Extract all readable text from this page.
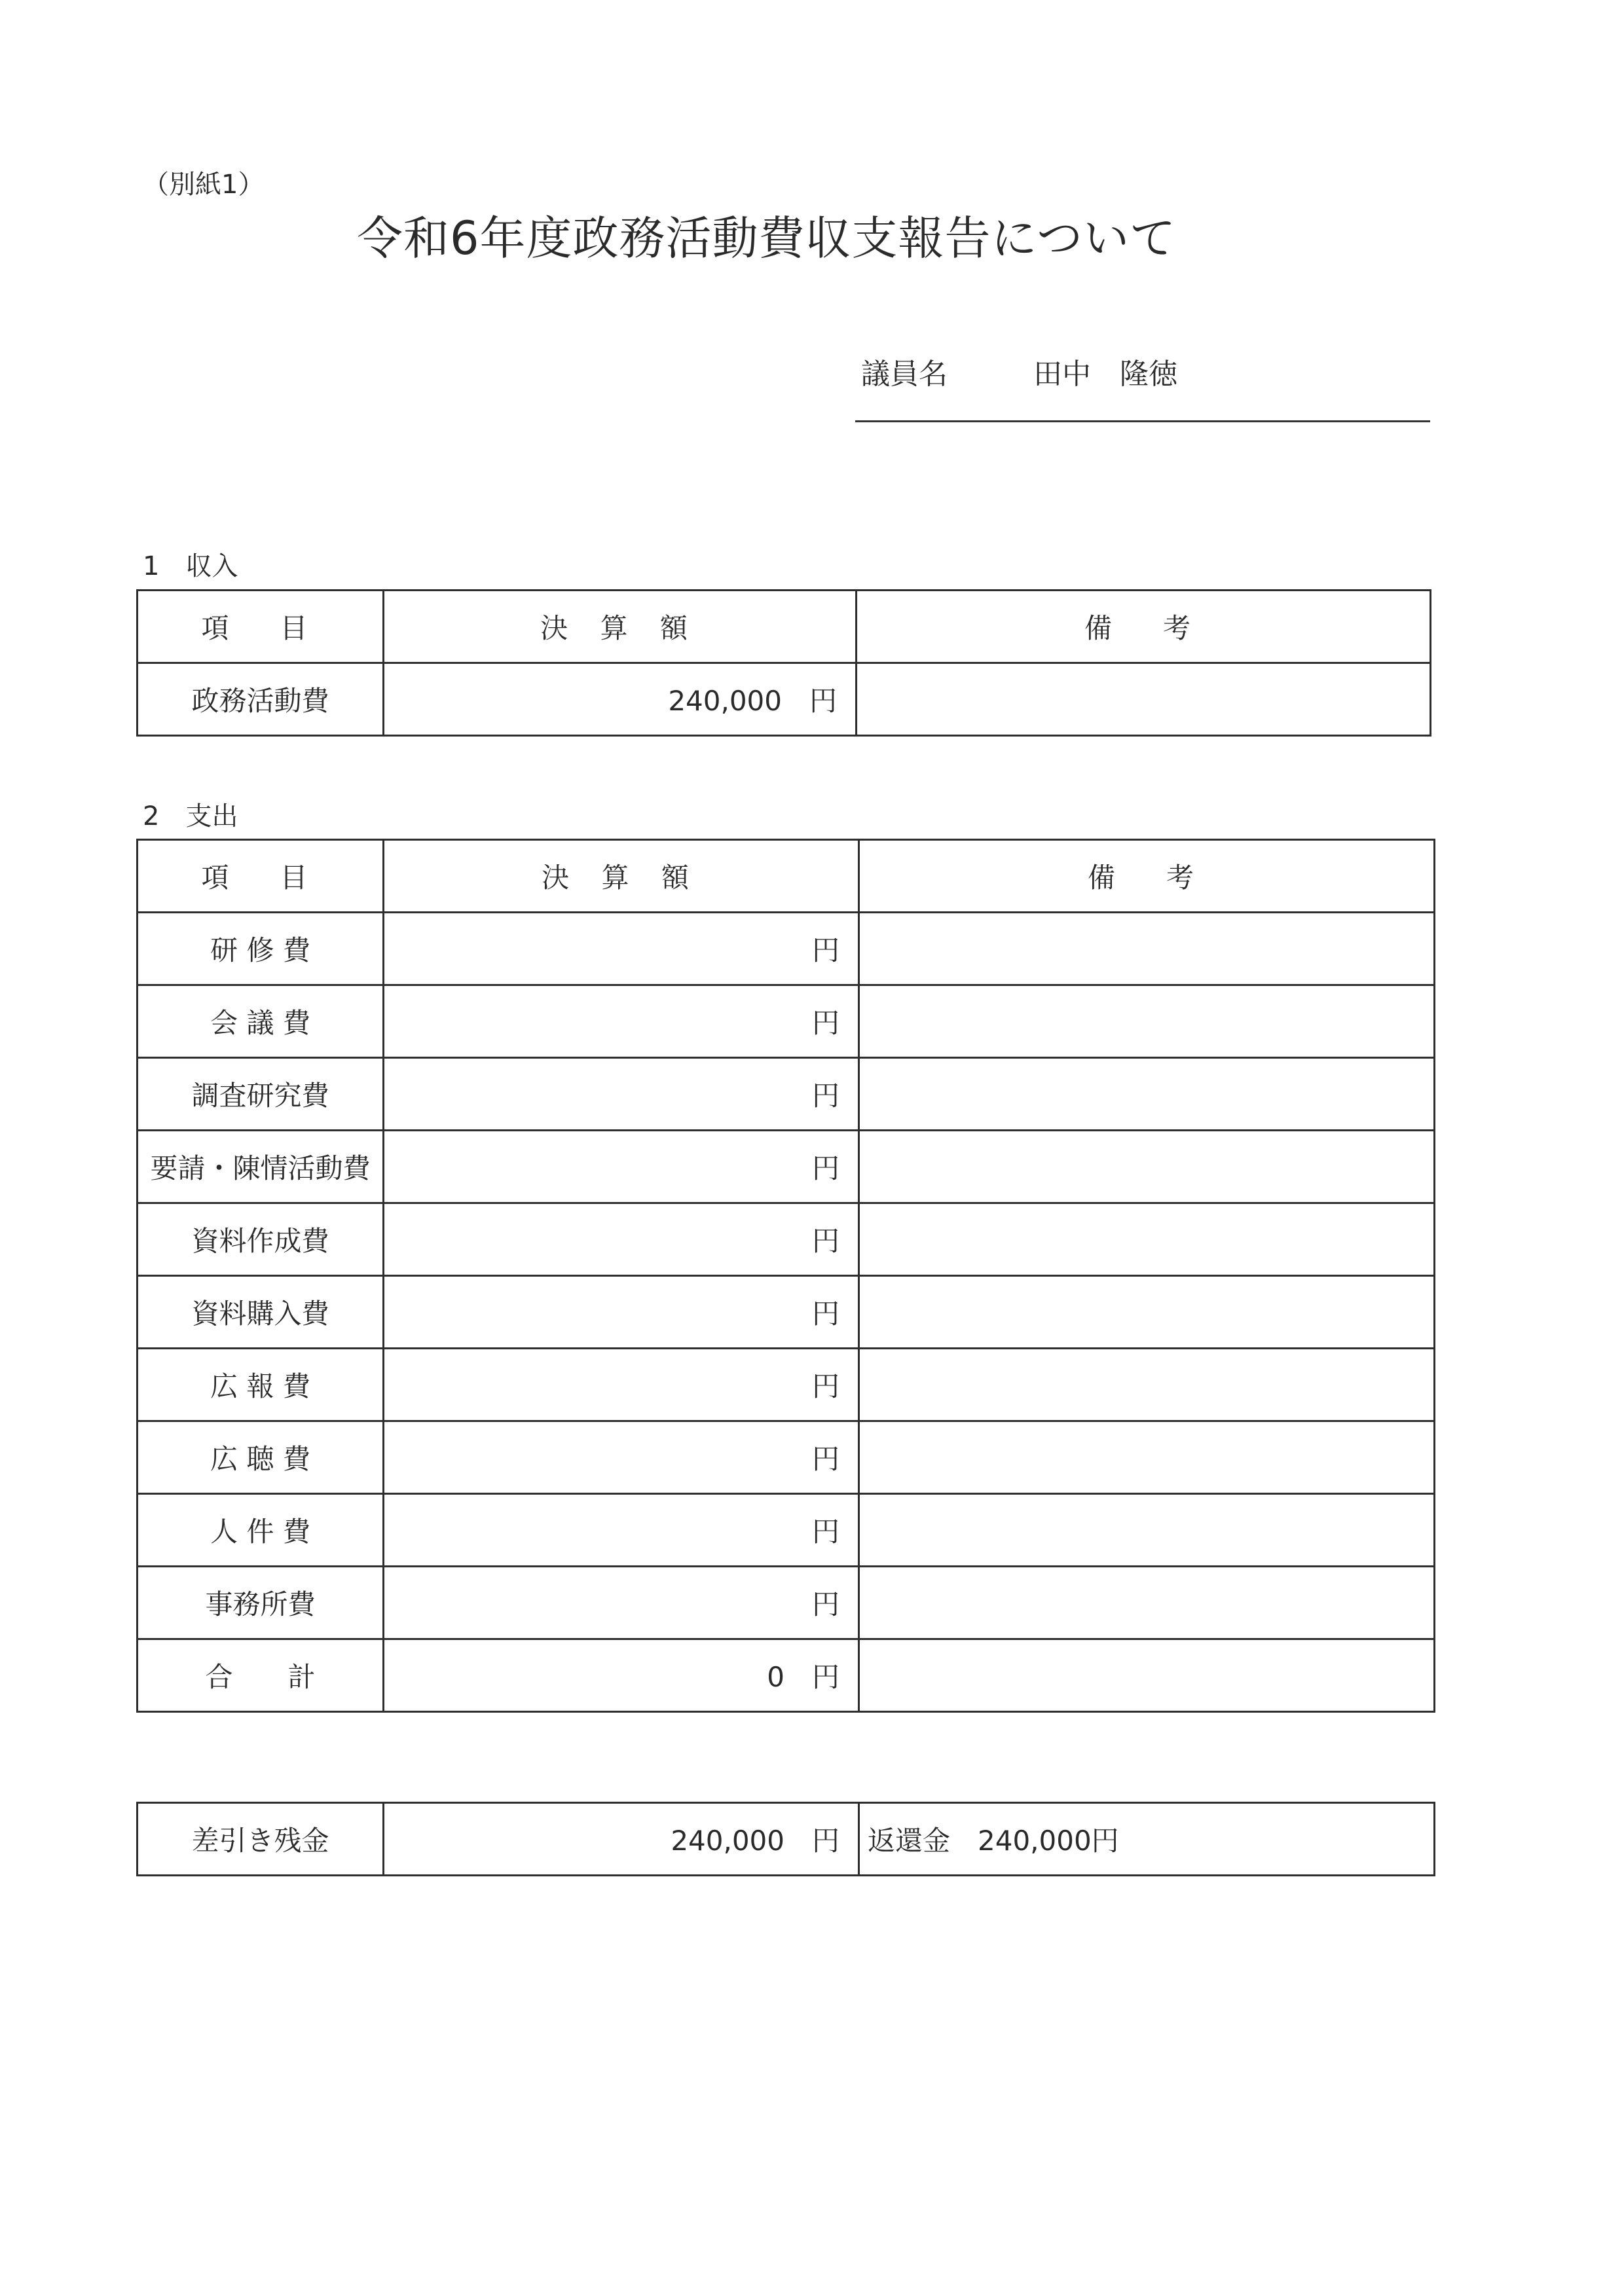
（別紙1）
令和6年度政務活動費収支報告について
議員名	田中　隆徳
1　収入
項　目	決 算 額	備　考
政務活動費	240,000　円	
2　支出
項　目	決 算 額	備　考
研 修 費	円	
会 議 費	円	
調査研究費	円	
要請・陳情活動費	円	
資料作成費	円	
資料購入費	円	
広 報 費	円	
広 聴 費	円	
人 件 費	円	
事務所費	円	
合　　計	0　円	
差引き残金	240,000　円	返還金　240,000円
